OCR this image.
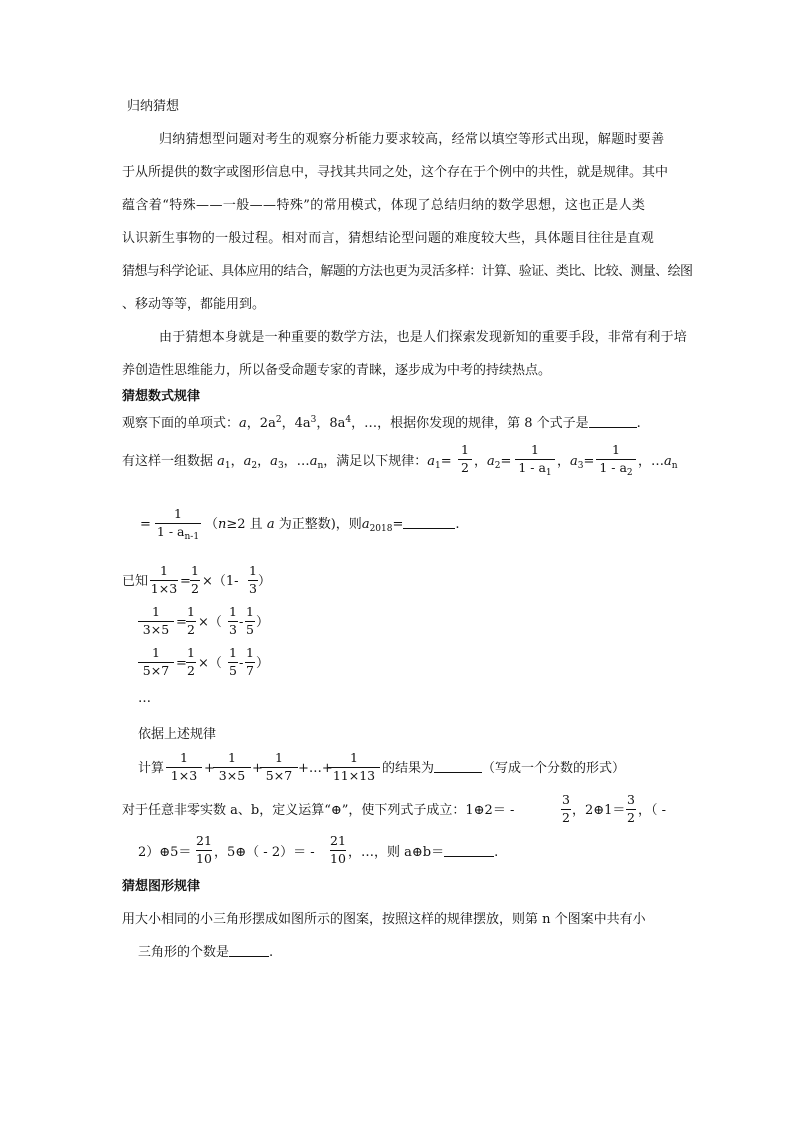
归纳猜想
归纳猜想型问题对考生的观察分析能力要求较高，经常以填空等形式出现，解题时要善
于从所提供的数字或图形信息中，寻找其共同之处，这个存在于个例中的共性，就是规律。其中
蕴含着“特殊——一般——特殊”的常用模式，体现了总结归纳的数学思想，这也正是人类
认识新生事物的一般过程。相对而言，猜想结论型问题的难度较大些，具体题目往往是直观
猜想与科学论证、具体应用的结合，解题的方法也更为灵活多样：计算、验证、类比、比较、测量、绘图
、移动等等，都能用到。
由于猜想本身就是一种重要的数学方法，也是人们探索发现新知的重要手段，非常有利于培
养创造性思维能力，所以备受命题专家的青睐，逐步成为中考的持续热点。
猜想数式规律
观察下面的单项式：a，$2a^2$，$4a^3$，$8a^4$，…，根据你发现的规律，第 8 个式子是	.
有这样一组数据 $a_1$，$a_2$，$a_3$，$\dots a_n$，满足以下规律：$a_1=$
1
2 ，$a_2=$
1
$1 - a_1$
，$a_3=$
1
$1 - a_2$
，$\dots a_n$
=
1
$1 - a_{n-1}$
（n≥2 且 a 为正整数)，则$a_{2018}=$	.
已知
1
1×3 =
1
2 ×（1-
1
3 ）
1
3×5 =
1
2 ×（
1
3 -
1
5 ）
1
5×7 =
1
2 ×（
1
5 -
1
7 ）
…
依据上述规律
计算
1
1×3 +
1
3×5 +
1
5×7 +…+
1
11×13 的结果为	（写成一个分数的形式）
对于任意非零实数 a、b，定义运算“⊕”，使下列式子成立：1⊕2＝ -
3
2 ，2⊕1＝
3
2 ，（ -
2）⊕5＝
21
10 ，5⊕（ - 2）＝ -
21
10 ，…，则 a⊕b＝	.
猜想图形规律
用大小相同的小三角形摆成如图所示的图案，按照这样的规律摆放，则第 n 个图案中共有小
三角形的个数是	.
